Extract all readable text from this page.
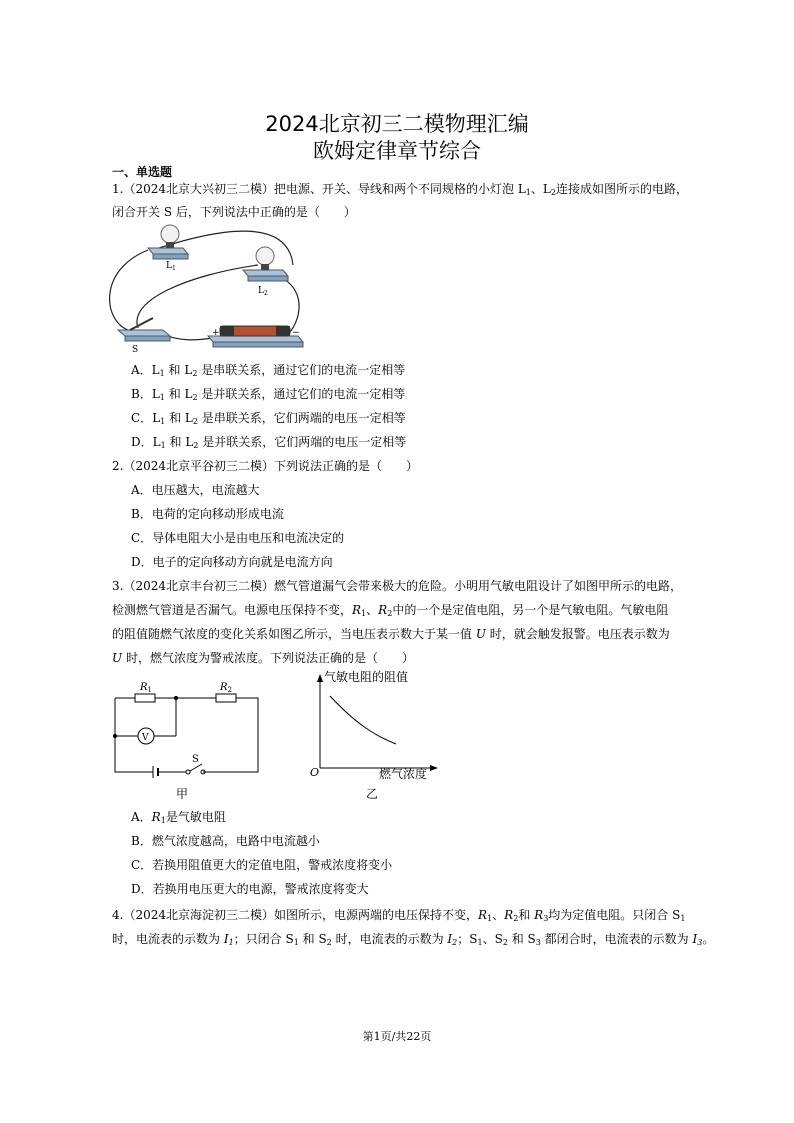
2024北京初三二模物理汇编
欧姆定律章节综合
一、单选题
1.（2024北京大兴初三二模）把电源、开关、导线和两个不同规格的小灯泡 $L_1$、$L_2$连接成如图所示的电路，
闭合开关 S 后，下列说法中正确的是（　　）
$L_1$
$L_2$
S
+	−
A．$L_1$ 和 $L_2$ 是串联关系，通过它们的电流一定相等
B．$L_1$ 和 $L_2$ 是并联关系，通过它们的电流一定相等
C．$L_1$ 和 $L_2$ 是串联关系，它们两端的电压一定相等
D．$L_1$ 和 $L_2$ 是并联关系，它们两端的电压一定相等
2.（2024北京平谷初三二模）下列说法正确的是（　　）
A．电压越大，电流越大
B．电荷的定向移动形成电流
C．导体电阻大小是由电压和电流决定的
D．电子的定向移动方向就是电流方向
3.（2024北京丰台初三二模）燃气管道漏气会带来极大的危险。小明用气敏电阻设计了如图甲所示的电路，
检测燃气管道是否漏气。电源电压保持不变，$R_1$、$R_2$中的一个是定值电阻，另一个是气敏电阻。气敏电阻
的阻值随燃气浓度的变化关系如图乙所示，当电压表示数大于某一值 U 时，就会触发报警。电压表示数为
U 时，燃气浓度为警戒浓度。下列说法正确的是（　　）
$R_1$	$R_2$
V
S
甲
气敏电阻的阻值
燃气浓度
O
乙
A．$R_1$是气敏电阻
B．燃气浓度越高，电路中电流越小
C．若换用阻值更大的定值电阻，警戒浓度将变小
D．若换用电压更大的电源，警戒浓度将变大
4.（2024北京海淀初三二模）如图所示，电源两端的电压保持不变，$R_1$、$R_2$和 $R_3$均为定值电阻。只闭合 $S_1$
时，电流表的示数为 $I_1$；只闭合 $S_1$ 和 $S_2$ 时，电流表的示数为 $I_2$；$S_1$、$S_2$ 和 $S_3$ 都闭合时，电流表的示数为 $I_3$。
第1页/共22页
